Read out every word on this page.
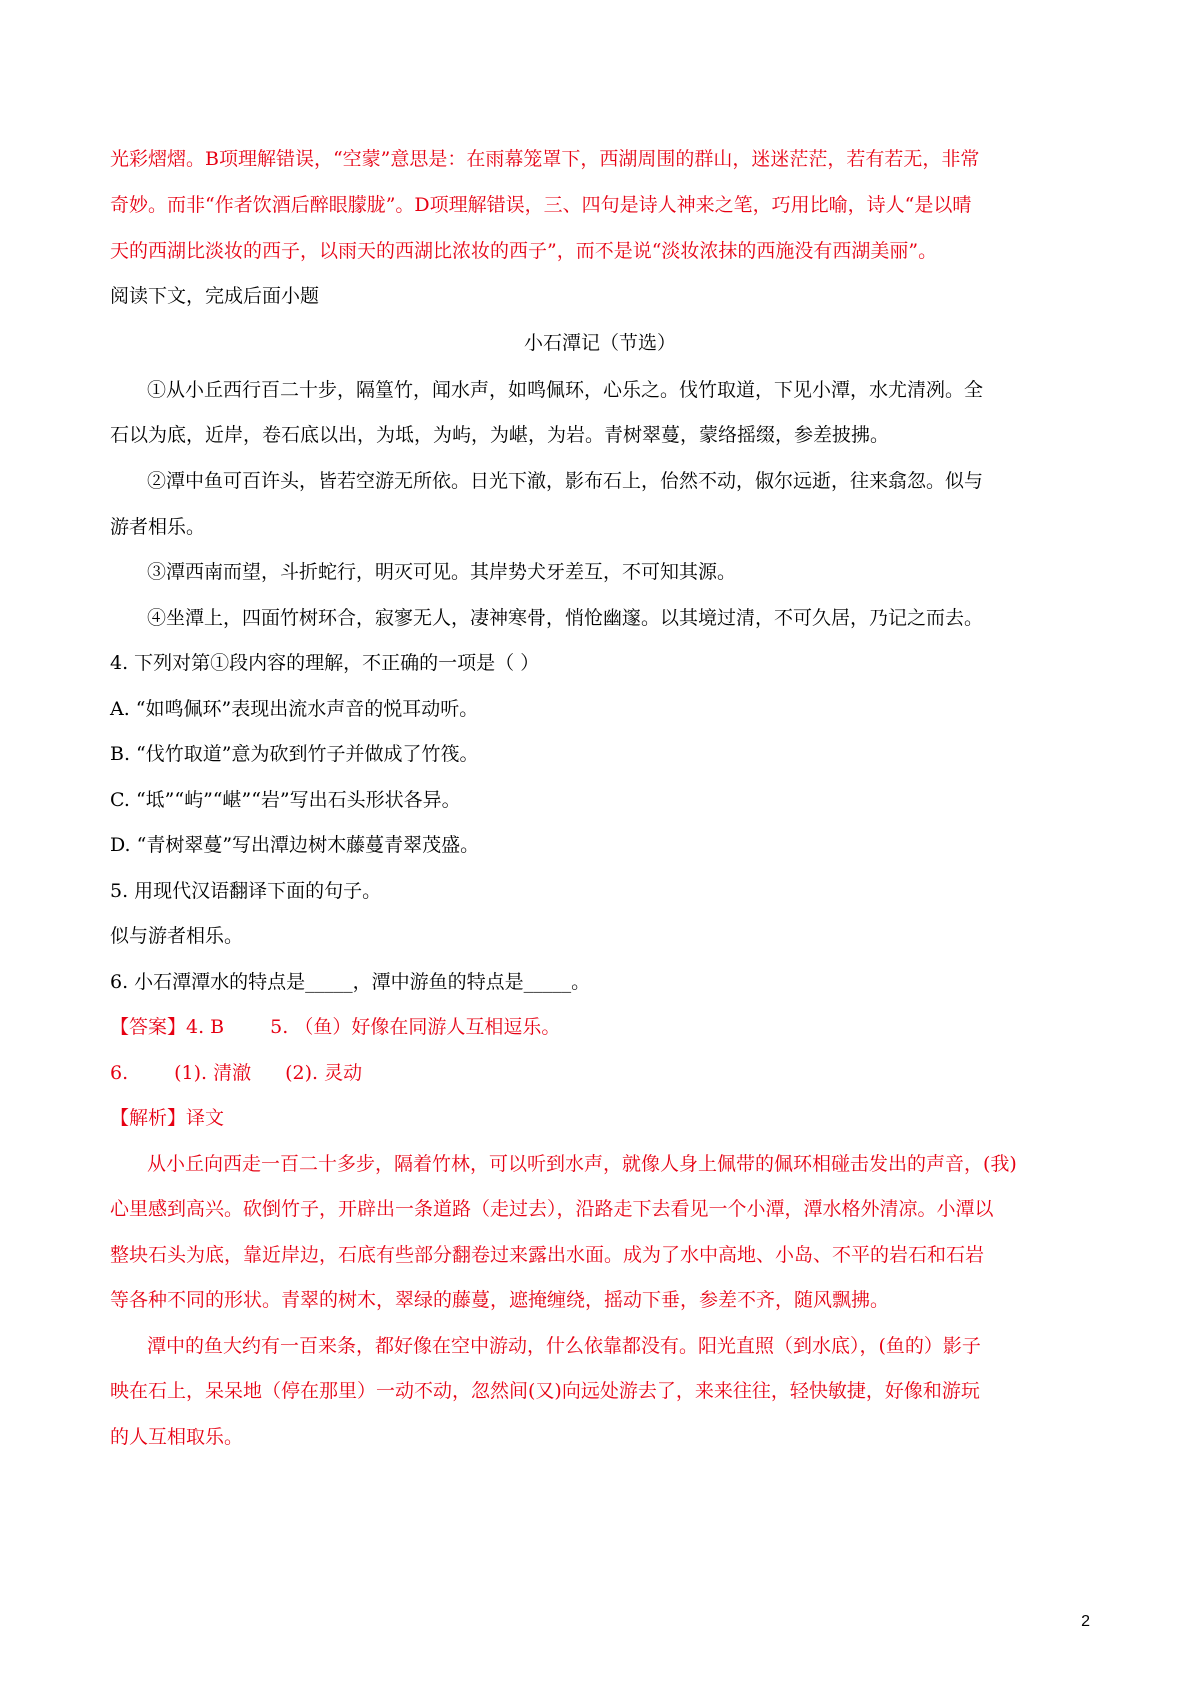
光彩熠熠。B项理解错误，“空蒙”意思是：在雨幕笼罩下，西湖周围的群山，迷迷茫茫，若有若无，非常
奇妙。而非“作者饮酒后醉眼朦胧”。D项理解错误，三、四句是诗人神来之笔，巧用比喻，诗人“是以晴
天的西湖比淡妆的西子，以雨天的西湖比浓妆的西子”，而不是说“淡妆浓抹的西施没有西湖美丽”。
阅读下文，完成后面小题
小石潭记（节选）
①从小丘西行百二十步，隔篁竹，闻水声，如鸣佩环，心乐之。伐竹取道，下见小潭，水尤清冽。全
石以为底，近岸，卷石底以出，为坻，为屿，为嵁，为岩。青树翠蔓，蒙络摇缀，参差披拂。
②潭中鱼可百许头，皆若空游无所依。日光下澈，影布石上，佁然不动，俶尔远逝，往来翕忽。似与
游者相乐。
③潭西南而望，斗折蛇行，明灭可见。其岸势犬牙差互，不可知其源。
④坐潭上，四面竹树环合，寂寥无人，凄神寒骨，悄怆幽邃。以其境过清，不可久居，乃记之而去。
4. 下列对第①段内容的理解，不正确的一项是（ ）
A. “如鸣佩环”表现出流水声音的悦耳动听。
B. “伐竹取道”意为砍到竹子并做成了竹筏。
C. “坻”“屿”“嵁”“岩”写出石头形状各异。
D. “青树翠蔓”写出潭边树木藤蔓青翠茂盛。
5. 用现代汉语翻译下面的句子。
似与游者相乐。
6. 小石潭潭水的特点是_____，潭中游鱼的特点是_____。
【答案】4. B 5. （鱼）好像在同游人互相逗乐。
6. (1). 清澈 (2). 灵动
【解析】译文
从小丘向西走一百二十多步，隔着竹林，可以听到水声，就像人身上佩带的佩环相碰击发出的声音，(我)
心里感到高兴。砍倒竹子，开辟出一条道路（走过去），沿路走下去看见一个小潭，潭水格外清凉。小潭以
整块石头为底，靠近岸边，石底有些部分翻卷过来露出水面。成为了水中高地、小岛、不平的岩石和石岩
等各种不同的形状。青翠的树木，翠绿的藤蔓，遮掩缠绕，摇动下垂，参差不齐，随风飘拂。
潭中的鱼大约有一百来条，都好像在空中游动，什么依靠都没有。阳光直照（到水底），(鱼的）影子
映在石上，呆呆地（停在那里）一动不动，忽然间(又)向远处游去了，来来往往，轻快敏捷，好像和游玩
的人互相取乐。
2
